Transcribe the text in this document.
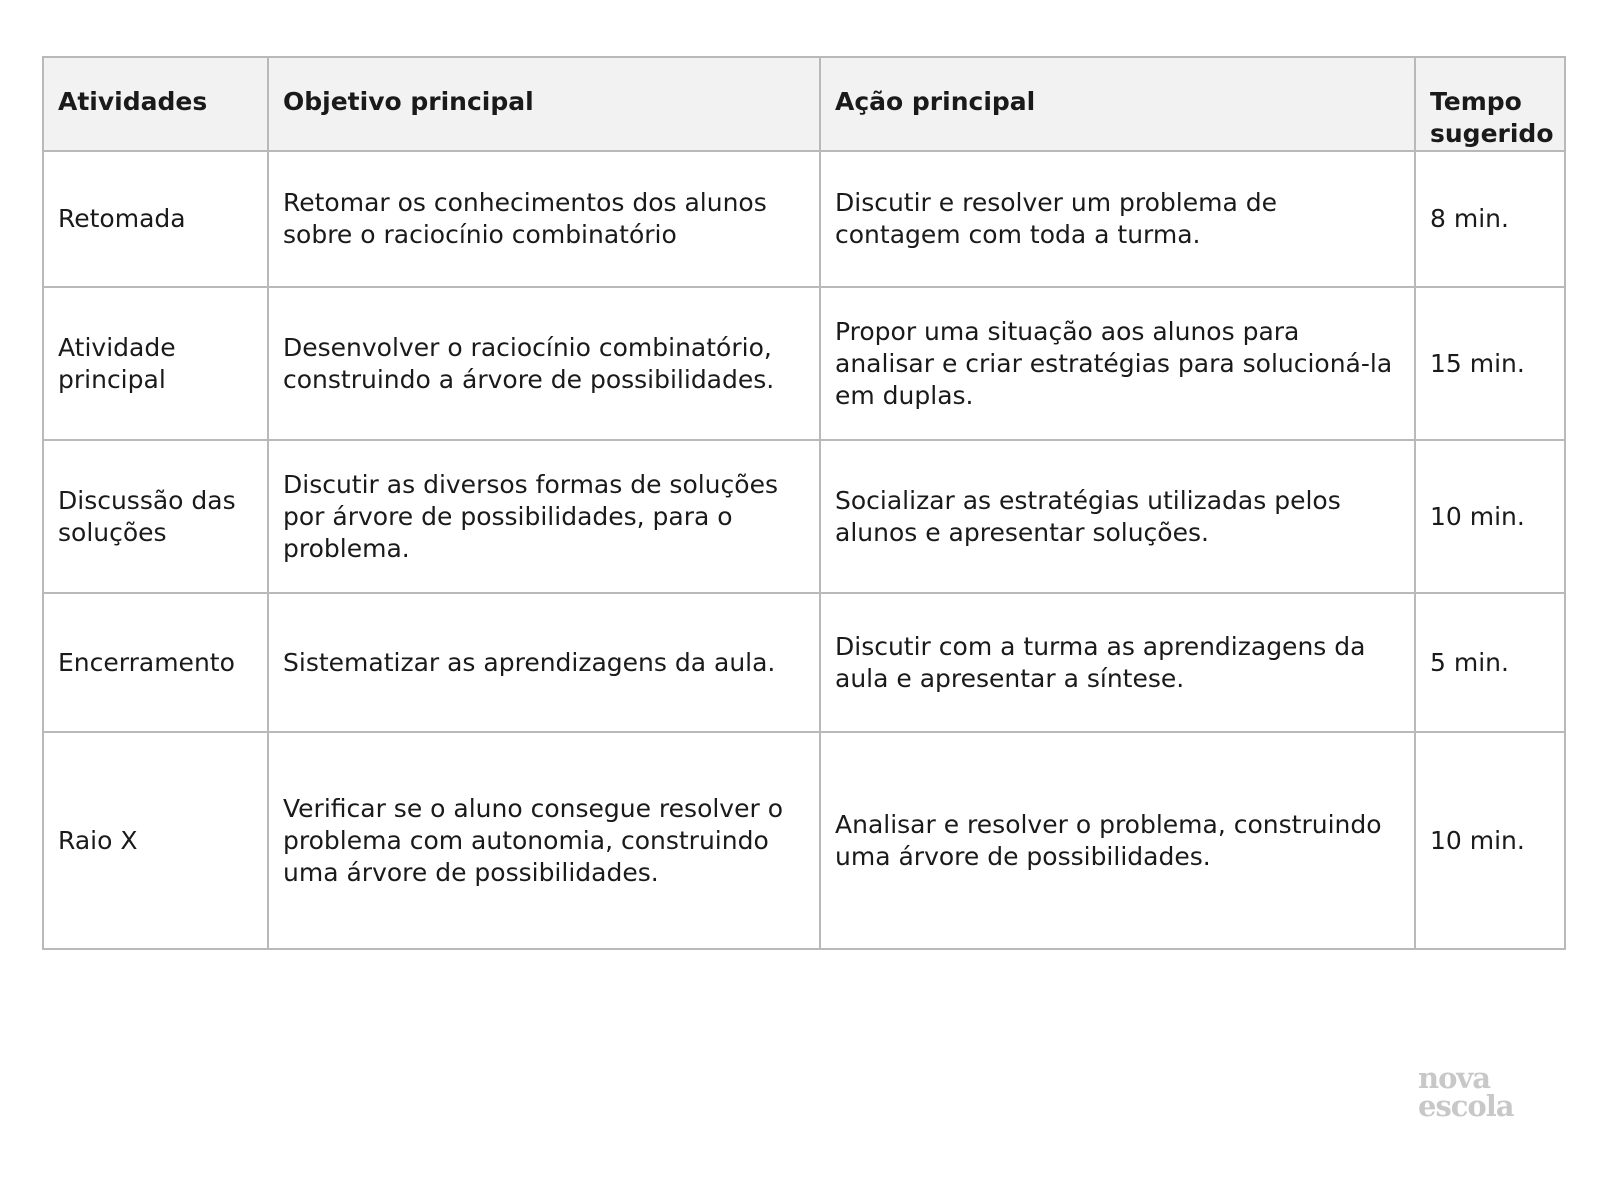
Atividades	Objetivo principal	Ação principal	Tempo sugerido
Retomada	Retomar os conhecimentos dos alunos sobre o raciocínio combinatório	Discutir e resolver um problema de contagem com toda a turma.	8 min.
Atividade principal	Desenvolver o raciocínio combinatório, construindo a árvore de possibilidades.	Propor uma situação aos alunos para analisar e criar estratégias para solucioná-la em duplas.	15 min.
Discussão das soluções	Discutir as diversos formas de soluções por árvore de possibilidades, para o problema.	Socializar as estratégias utilizadas pelos alunos e apresentar soluções.	10 min.
Encerramento	Sistematizar as aprendizagens da aula.	Discutir com a turma as aprendizagens da aula e apresentar a síntese.	5 min.
Raio X	Verificar se o aluno consegue resolver o problema com autonomia, construindo uma árvore de possibilidades.	Analisar e resolver o problema, construindo uma árvore de possibilidades.	10 min.
nova
escola
